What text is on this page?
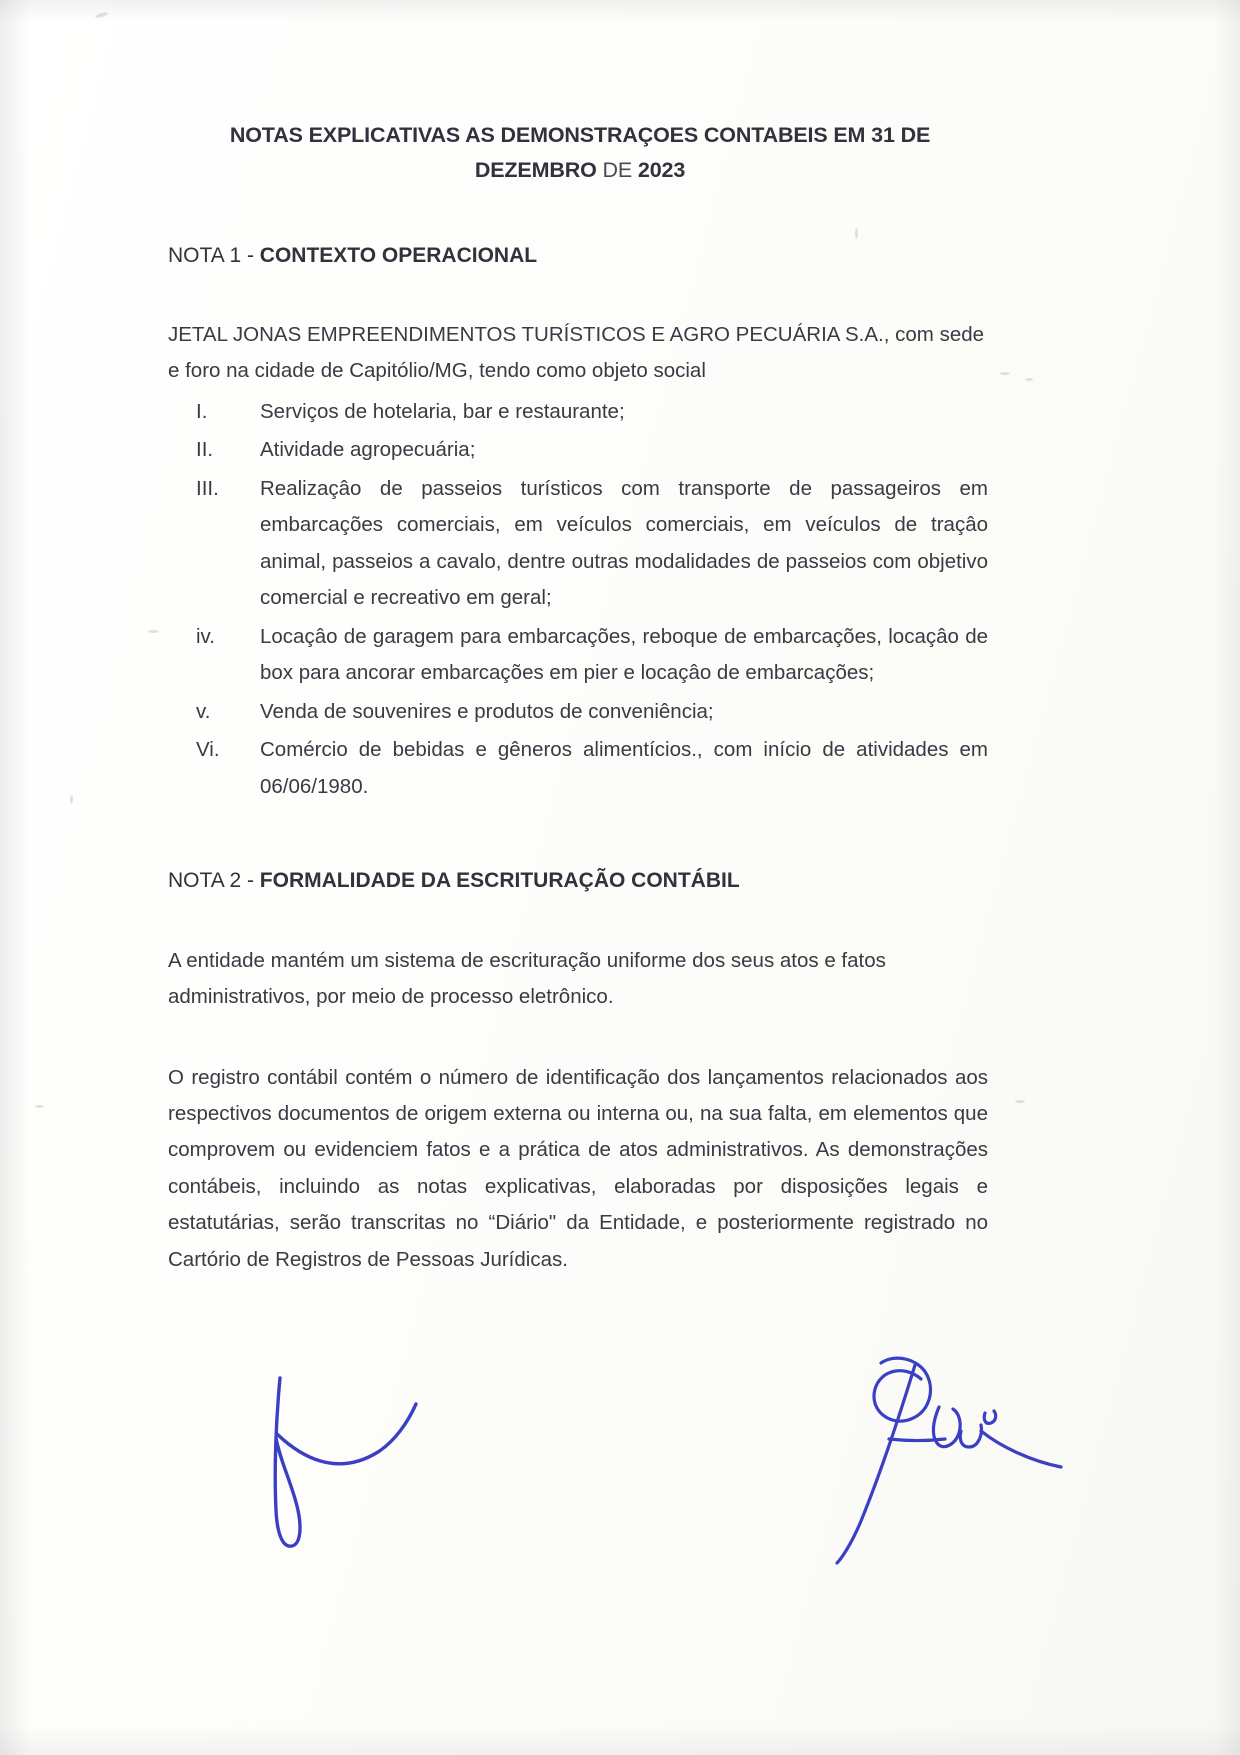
NOTAS EXPLICATIVAS AS DEMONSTRAÇOES CONTABEIS EM 31 DE
DEZEMBRO DE 2023
NOTA 1 - CONTEXTO OPERACIONAL

JETAL JONAS EMPREENDIMENTOS TURÍSTICOS E AGRO PECUÁRIA S.A., com sede e foro na cidade de Capitólio/MG, tendo como objeto social

I.	Serviços de hotelaria, bar e restaurante;
II.	Atividade agropecuária;
III.	Realizaçâo de passeios turísticos com transporte de passageiros em embarcações comerciais, em veículos comerciais, em veículos de traçâo animal, passeios a cavalo, dentre outras modalidades de passeios com objetivo comercial e recreativo em geral;
iv.	Locaçâo de garagem para embarcações, reboque de embarcações, locaçâo de box para ancorar embarcações em pier e locaçâo de embarcações;
v.	Venda de souvenires e produtos de conveniência;
Vi.	Comércio de bebidas e gêneros alimentícios., com início de atividades em 06/06/1980.
NOTA 2 - FORMALIDADE DA ESCRITURAÇÃO CONTÁBIL

A entidade mantém um sistema de escrituração uniforme dos seus atos e fatos administrativos, por meio de processo eletrônico.

O registro contábil contém o número de identificação dos lançamentos relacionados aos respectivos documentos de origem externa ou interna ou, na sua falta, em elementos que comprovem ou evidenciem fatos e a prática de atos administrativos. As demonstrações contábeis, incluindo as notas explicativas, elaboradas por disposições legais e estatutárias, serão transcritas no “Diário" da Entidade, e posteriormente registrado no Cartório de Registros de Pessoas Jurídicas.
